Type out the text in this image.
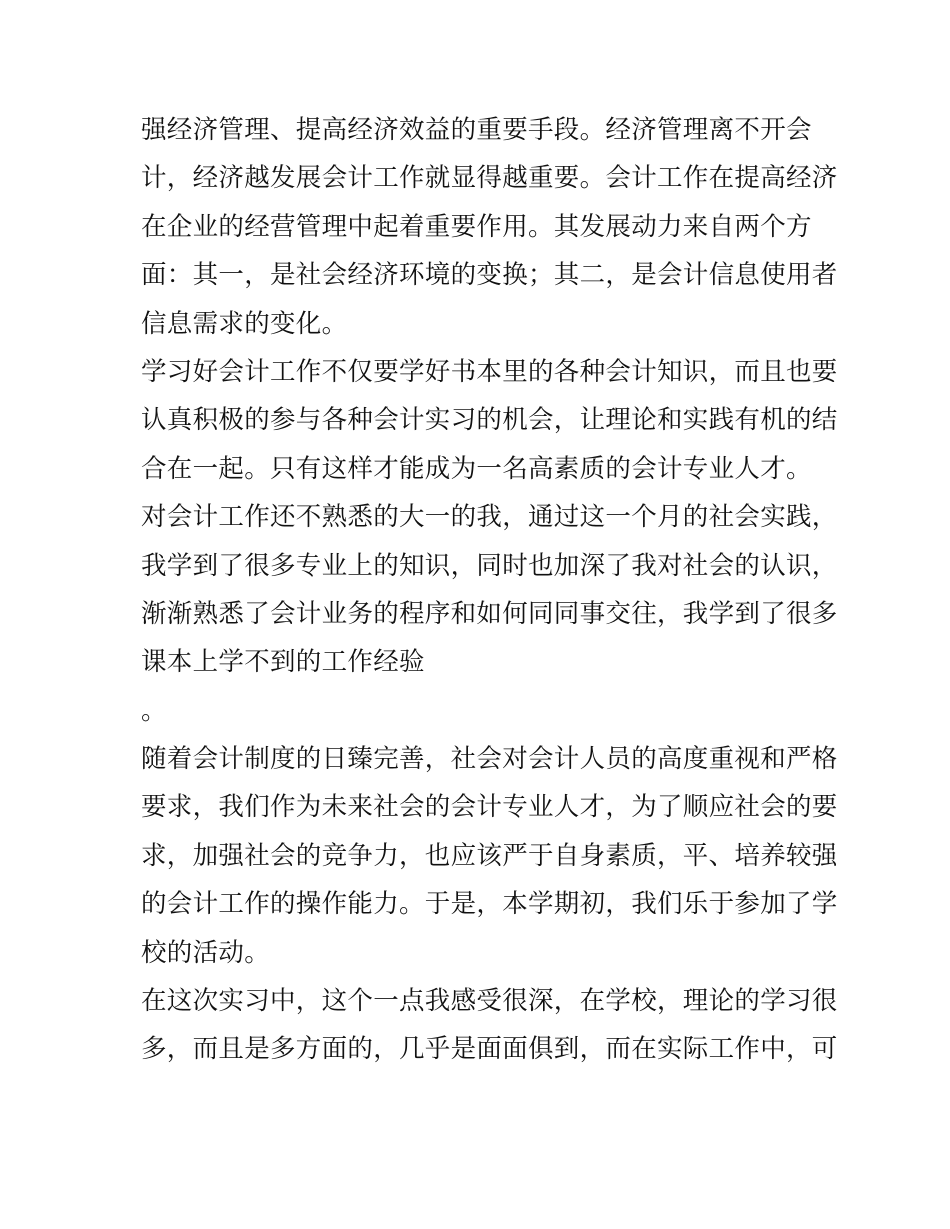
强经济管理、提高经济效益的重要手段。经济管理离不开会
计，经济越发展会计工作就显得越重要。会计工作在提高经济
在企业的经营管理中起着重要作用。其发展动力来自两个方
面：其一，是社会经济环境的变换；其二，是会计信息使用者
信息需求的变化。
学习好会计工作不仅要学好书本里的各种会计知识，而且也要
认真积极的参与各种会计实习的机会，让理论和实践有机的结
合在一起。只有这样才能成为一名高素质的会计专业人才。
对会计工作还不熟悉的大一的我，通过这一个月的社会实践，
我学到了很多专业上的知识，同时也加深了我对社会的认识，
渐渐熟悉了会计业务的程序和如何同同事交往，我学到了很多
课本上学不到的工作经验
。
随着会计制度的日臻完善，社会对会计人员的高度重视和严格
要求，我们作为未来社会的会计专业人才，为了顺应社会的要
求，加强社会的竞争力，也应该严于自身素质，平、培养较强
的会计工作的操作能力。于是，本学期初，我们乐于参加了学
校的活动。
在这次实习中，这个一点我感受很深，在学校，理论的学习很
多，而且是多方面的，几乎是面面俱到，而在实际工作中，可
